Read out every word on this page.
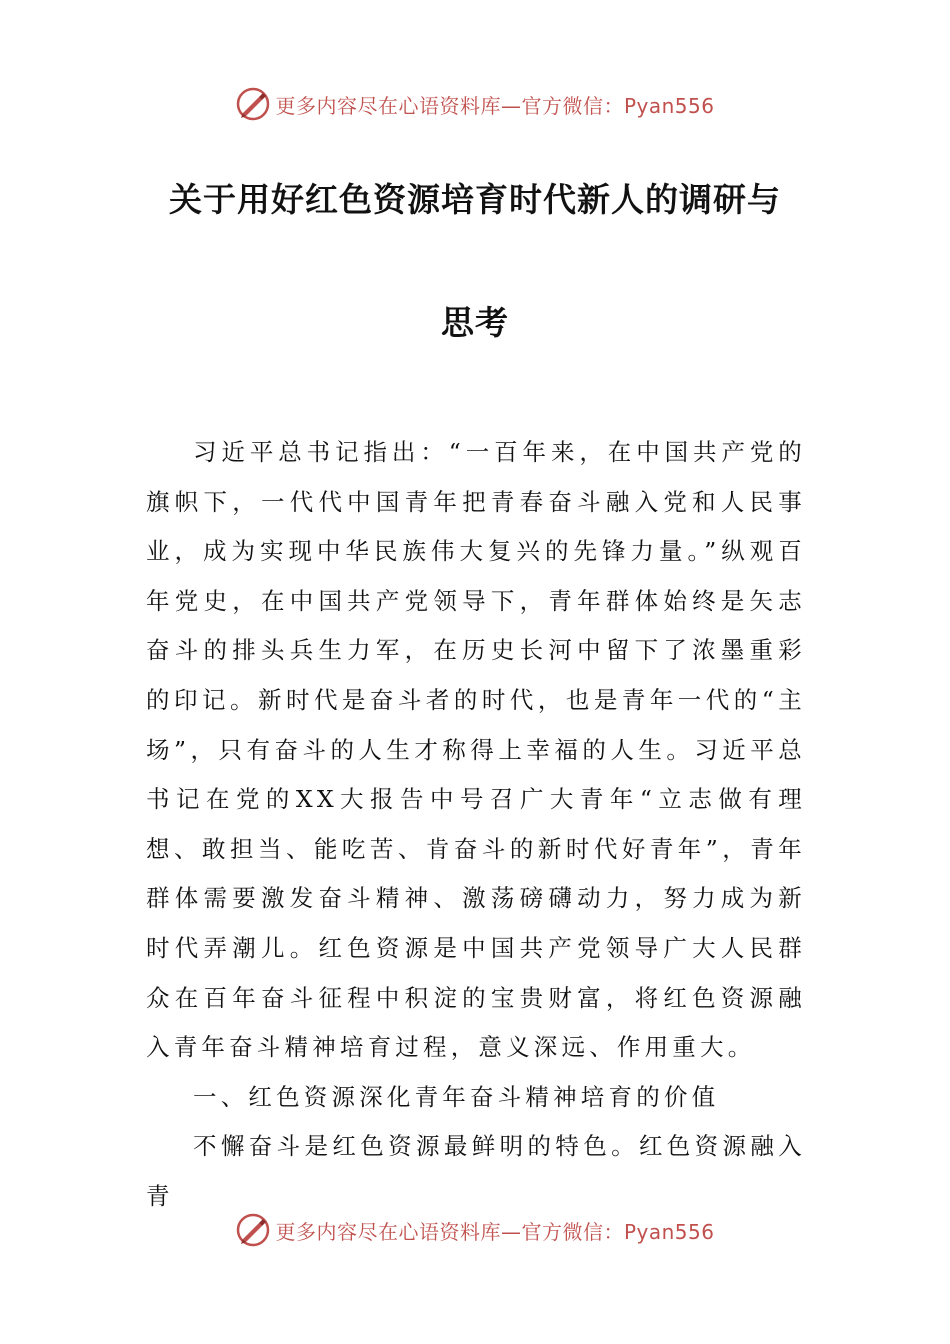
更多内容尽在心语资料库—官方微信：Pyan556
关于用好红色资源培育时代新人的调研与
思考

习近平总书记指出：“一百年来，在中国共产党的旗帜下，一代代中国青年把青春奋斗融入党和人民事业，成为实现中华民族伟大复兴的先锋力量。”纵观百年党史，在中国共产党领导下，青年群体始终是矢志奋斗的排头兵生力军，在历史长河中留下了浓墨重彩的印记。新时代是奋斗者的时代，也是青年一代的“主场”，只有奋斗的人生才称得上幸福的人生。习近平总书记在党的XX大报告中号召广大青年“立志做有理想、敢担当、能吃苦、肯奋斗的新时代好青年”，青年群体需要激发奋斗精神、激荡磅礴动力，努力成为新时代弄潮儿。红色资源是中国共产党领导广大人民群众在百年奋斗征程中积淀的宝贵财富，将红色资源融入青年奋斗精神培育过程，意义深远、作用重大。

一、红色资源深化青年奋斗精神培育的价值

不懈奋斗是红色资源最鲜明的特色。红色资源融入青

更多内容尽在心语资料库—官方微信：Pyan556
